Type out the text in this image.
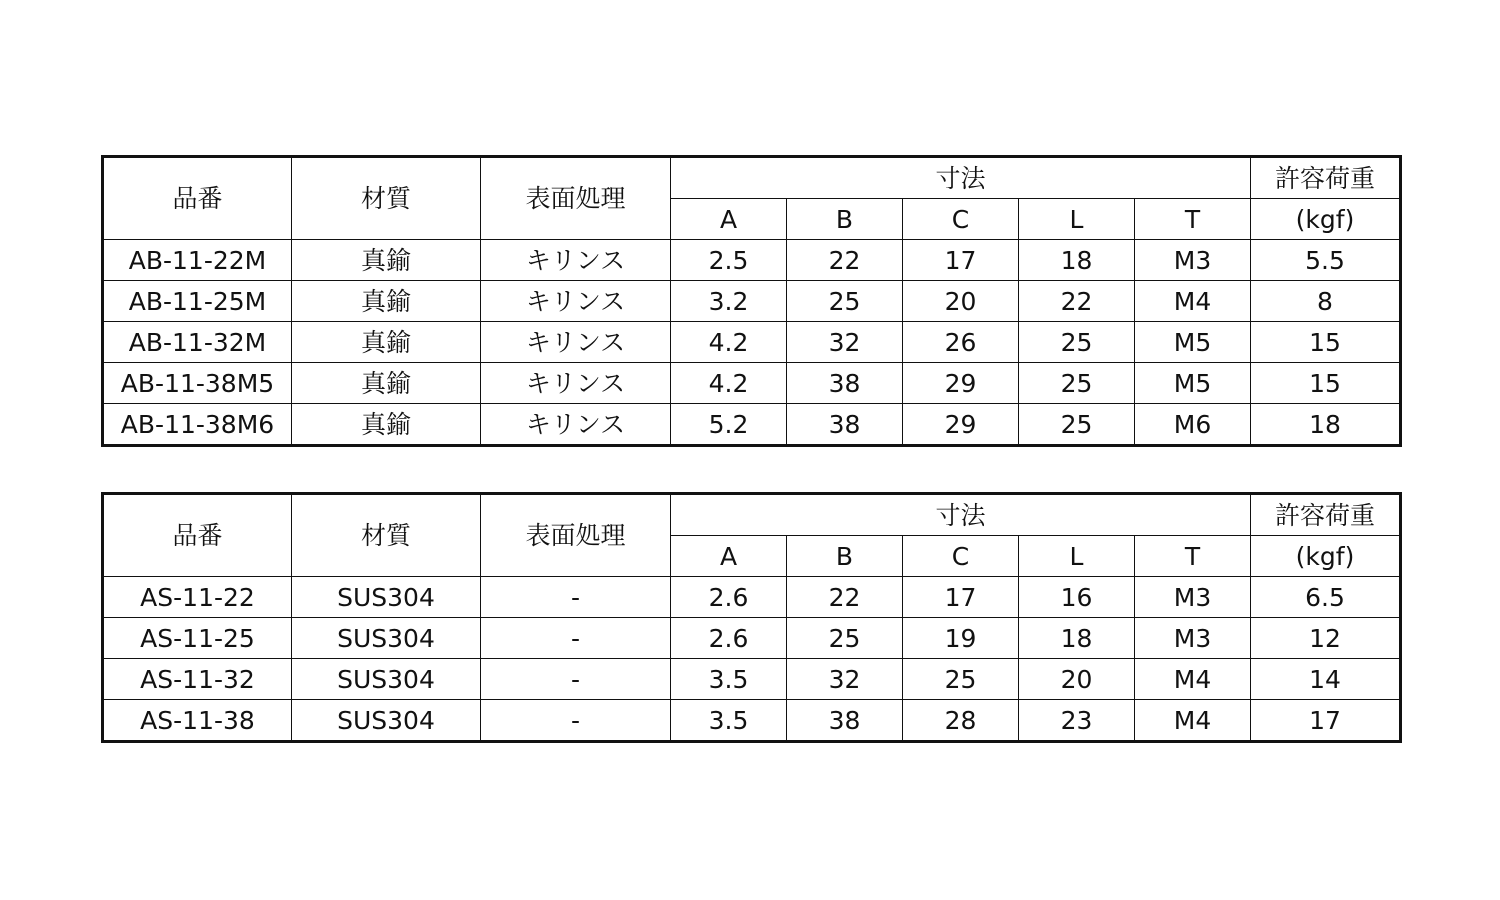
品番	材質	表面処理	寸法					許容荷重
			A	B	C	L	T	(kgf)
AB-11-22M	真鍮	キリンス	2.5	22	17	18	M3	5.5
AB-11-25M	真鍮	キリンス	3.2	25	20	22	M4	8
AB-11-32M	真鍮	キリンス	4.2	32	26	25	M5	15
AB-11-38M5	真鍮	キリンス	4.2	38	29	25	M5	15
AB-11-38M6	真鍮	キリンス	5.2	38	29	25	M6	18
品番	材質	表面処理	寸法					許容荷重
			A	B	C	L	T	(kgf)
AS-11-22	SUS304	-	2.6	22	17	16	M3	6.5
AS-11-25	SUS304	-	2.6	25	19	18	M3	12
AS-11-32	SUS304	-	3.5	32	25	20	M4	14
AS-11-38	SUS304	-	3.5	38	28	23	M4	17
